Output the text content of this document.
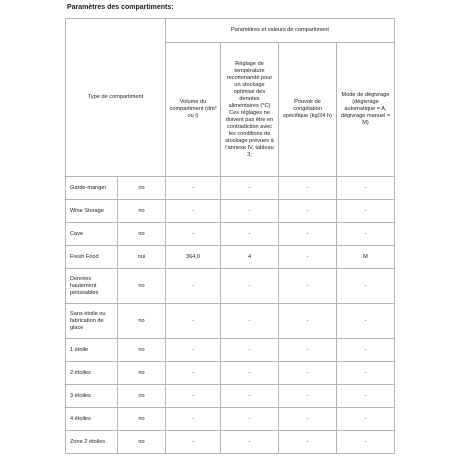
Paramètres des compartiments:
Type de compartiment		Paramètres et valeurs de compartiment			
		Volume du compartiment (dm³ ou l)	Réglage de température recommandé pour un stockage optimisé des denrées alimentaires (°C) Ces réglages ne doivent pas être en contradiction avec les conditions de stockage prévues à l'annexe IV, tableau 3;	Pouvoir de congélation spécifique (kg/24 h)	Mode de dégivrage (dégivrage automatique = A, dégivrage manuel = M)
Garde-manger	no	-	-	-	-
Wine Storage	no	-	-	-	-
Cave	no	-	-	-	-
Fresh Food	oui	364,0	4	-	M
Denrées hautement périssables	no	-	-	-	-
Sans étoile ou fabrication de glace	no	-	-	-	-
1 étoile	no	-	-	-	-
2 étoiles	no	-	-	-	-
3 étoiles	no	-	-	-	-
4 étoiles	no	-	-	-	-
Zone 2 étoiles	no	-	-	-	-
